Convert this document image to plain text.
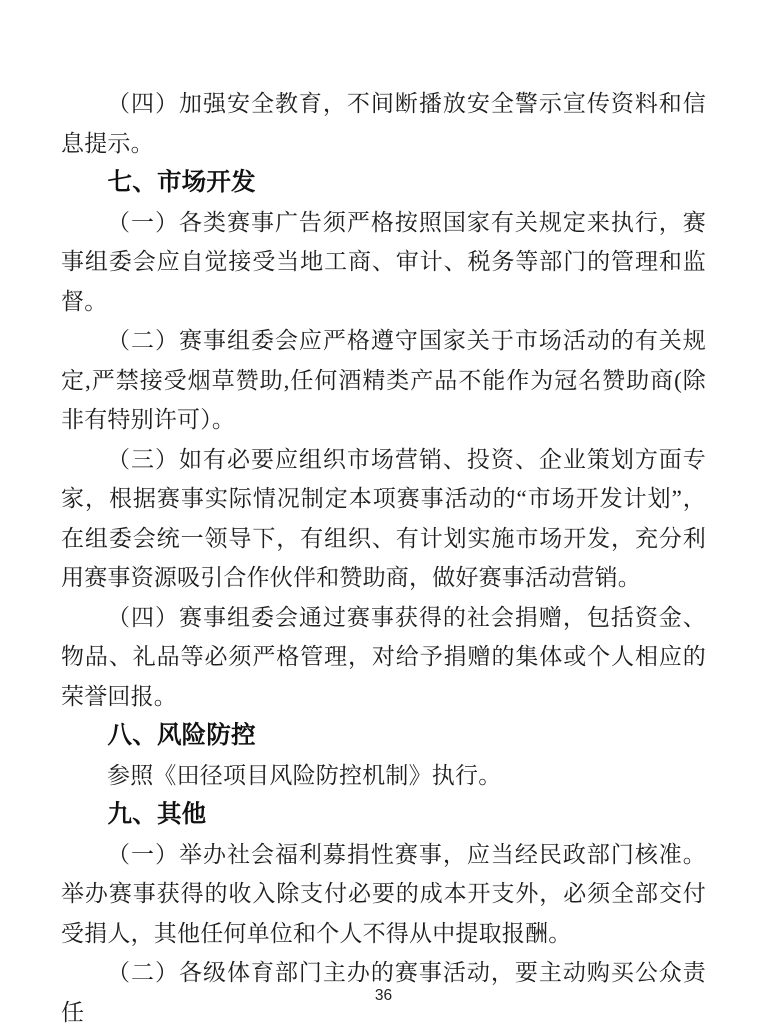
（四）加强安全教育，不间断播放安全警示宣传资料和信息提示。

七、市场开发

（一）各类赛事广告须严格按照国家有关规定来执行，赛事组委会应自觉接受当地工商、审计、税务等部门的管理和监督。

（二）赛事组委会应严格遵守国家关于市场活动的有关规定,严禁接受烟草赞助,任何酒精类产品不能作为冠名赞助商(除非有特别许可）。

（三）如有必要应组织市场营销、投资、企业策划方面专家，根据赛事实际情况制定本项赛事活动的“市场开发计划”，在组委会统一领导下，有组织、有计划实施市场开发，充分利用赛事资源吸引合作伙伴和赞助商，做好赛事活动营销。

（四）赛事组委会通过赛事获得的社会捐赠，包括资金、物品、礼品等必须严格管理，对给予捐赠的集体或个人相应的荣誉回报。

八、风险防控

参照《田径项目风险防控机制》执行。

九、其他

（一）举办社会福利募捐性赛事，应当经民政部门核准。举办赛事获得的收入除支付必要的成本开支外，必须全部交付受捐人，其他任何单位和个人不得从中提取报酬。

（二）各级体育部门主办的赛事活动，要主动购买公众责任

36
